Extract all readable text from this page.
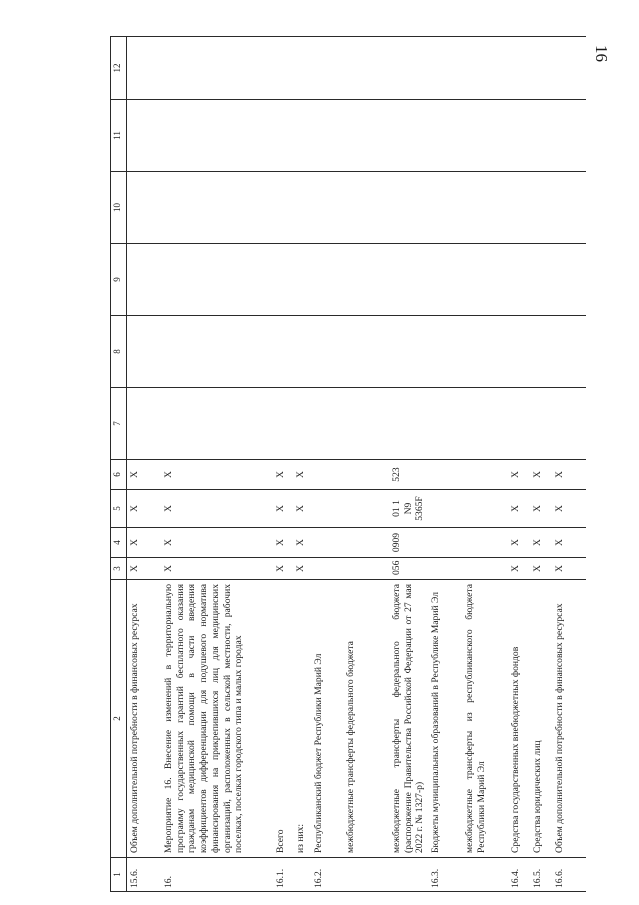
16
1	2	3	4	5	6	7	8	9	10	11	12
15.6.	Объем дополнительной потребности в финансовых ресурсах	Х	Х	Х	Х						
16.	Мероприятие 16. Внесение изменений в территориальную программу государственных гарантий бесплатного оказания гражданам медицинской помощи в части введения коэффициентов дифференциации для подушевого норматива финансирования на прикрепившихся лиц для медицинских организаций, расположенных в сельской местности, рабочих поселках, поселках городского типа и малых городах	Х	Х	Х	Х						
16.1.	Всего	Х	Х	Х	Х						
	из них:	Х	Х	Х	Х						
16.2.	Республиканский бюджет Республики Марий Эл										
	межбюджетные трансферты федерального бюджета										
	межбюджетные трансферты федерального бюджета (распоряжение Правительства Российской Федерации от 27 мая 2022 г. № 1327-р)	056	0909	01 1
N9
5365F	523						
16.3.	Бюджеты муниципальных образований в Республике Марий Эл										
	межбюджетные трансферты из республиканского бюджета Республики Марий Эл										
16.4.	Средства государственных внебюджетных фондов	Х	Х	Х	Х						
16.5.	Средства юридических лиц	Х	Х	Х	Х						
16.6.	Объем дополнительной потребности в финансовых ресурсах	Х	Х	Х	Х						
